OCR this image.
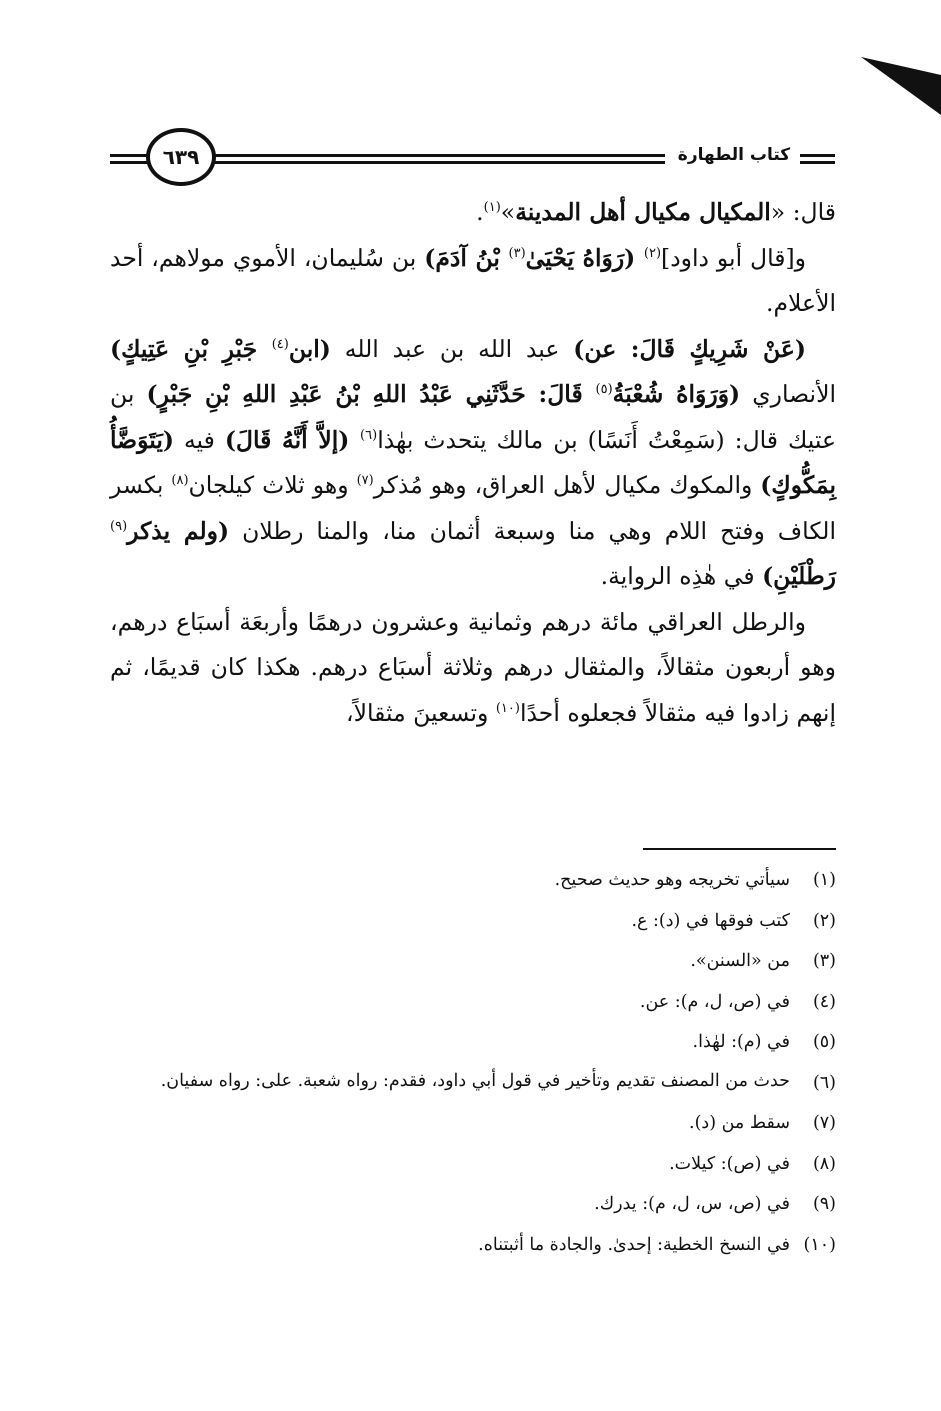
٦٣٩	كتاب الطهارة

قال: «المكيال مكيال أهل المدينة»$^{(١)}$.

و[قال أبو داود]$^{(٢)}$ (رَوَاهُ يَحْيَىٰ$^{(٣)}$ بْنُ آدَمَ) بن سُليمان، الأموي مولاهم، أحد الأعلام.

(عَنْ شَرِيكٍ قَالَ: عن) عبد الله بن عبد الله (ابن$^{(٤)}$ جَبْرِ بْنِ عَتِيكٍ) الأنصاري (وَرَوَاهُ شُعْبَةُ$^{(٥)}$ قَالَ: حَدَّثَنِي عَبْدُ اللهِ بْنُ عَبْدِ اللهِ بْنِ جَبْرٍ) بن عتيك قال: (سَمِعْتُ أَنَسًا) بن مالك يتحدث بهٰذا$^{(٦)}$ (إلاَّ أَنَّهُ قَالَ) فيه (يَتَوَضَّأُ بِمَكُّوكٍ) والمكوك مكيال لأهل العراق، وهو مُذكر$^{(٧)}$ وهو ثلاث كيلجان$^{(٨)}$ بكسر الكاف وفتح اللام وهي منا وسبعة أثمان منا، والمنا رطلان (ولم يذكر$^{(٩)}$ رَطْلَيْنِ) في هٰذِه الرواية.

والرطل العراقي مائة درهم وثمانية وعشرون درهمًا وأربعَة أسبَاع درهم، وهو أربعون مثقالاً، والمثقال درهم وثلاثة أسبَاع درهم. هكذا كان قديمًا، ثم إنهم زادوا فيه مثقالاً فجعلوه أحدًا$^{(١٠)}$ وتسعينَ مثقالاً،

(١)
سيأتي تخريجه وهو حديث صحيح.
(٢)
كتب فوقها في (د): ع.
(٣)
من «السنن».
(٤)
في (ص، ل، م): عن.
(٥)
في (م): لهٰذا.
(٦)
حدث من المصنف تقديم وتأخير في قول أبي داود، فقدم: رواه شعبة. على: رواه سفيان.
(٧)
سقط من (د).
(٨)
في (ص): كيلات.
(٩)
في (ص، س، ل، م): يدرك.
(١٠)
في النسخ الخطية: إحدىٰ. والجادة ما أثبتناه.
